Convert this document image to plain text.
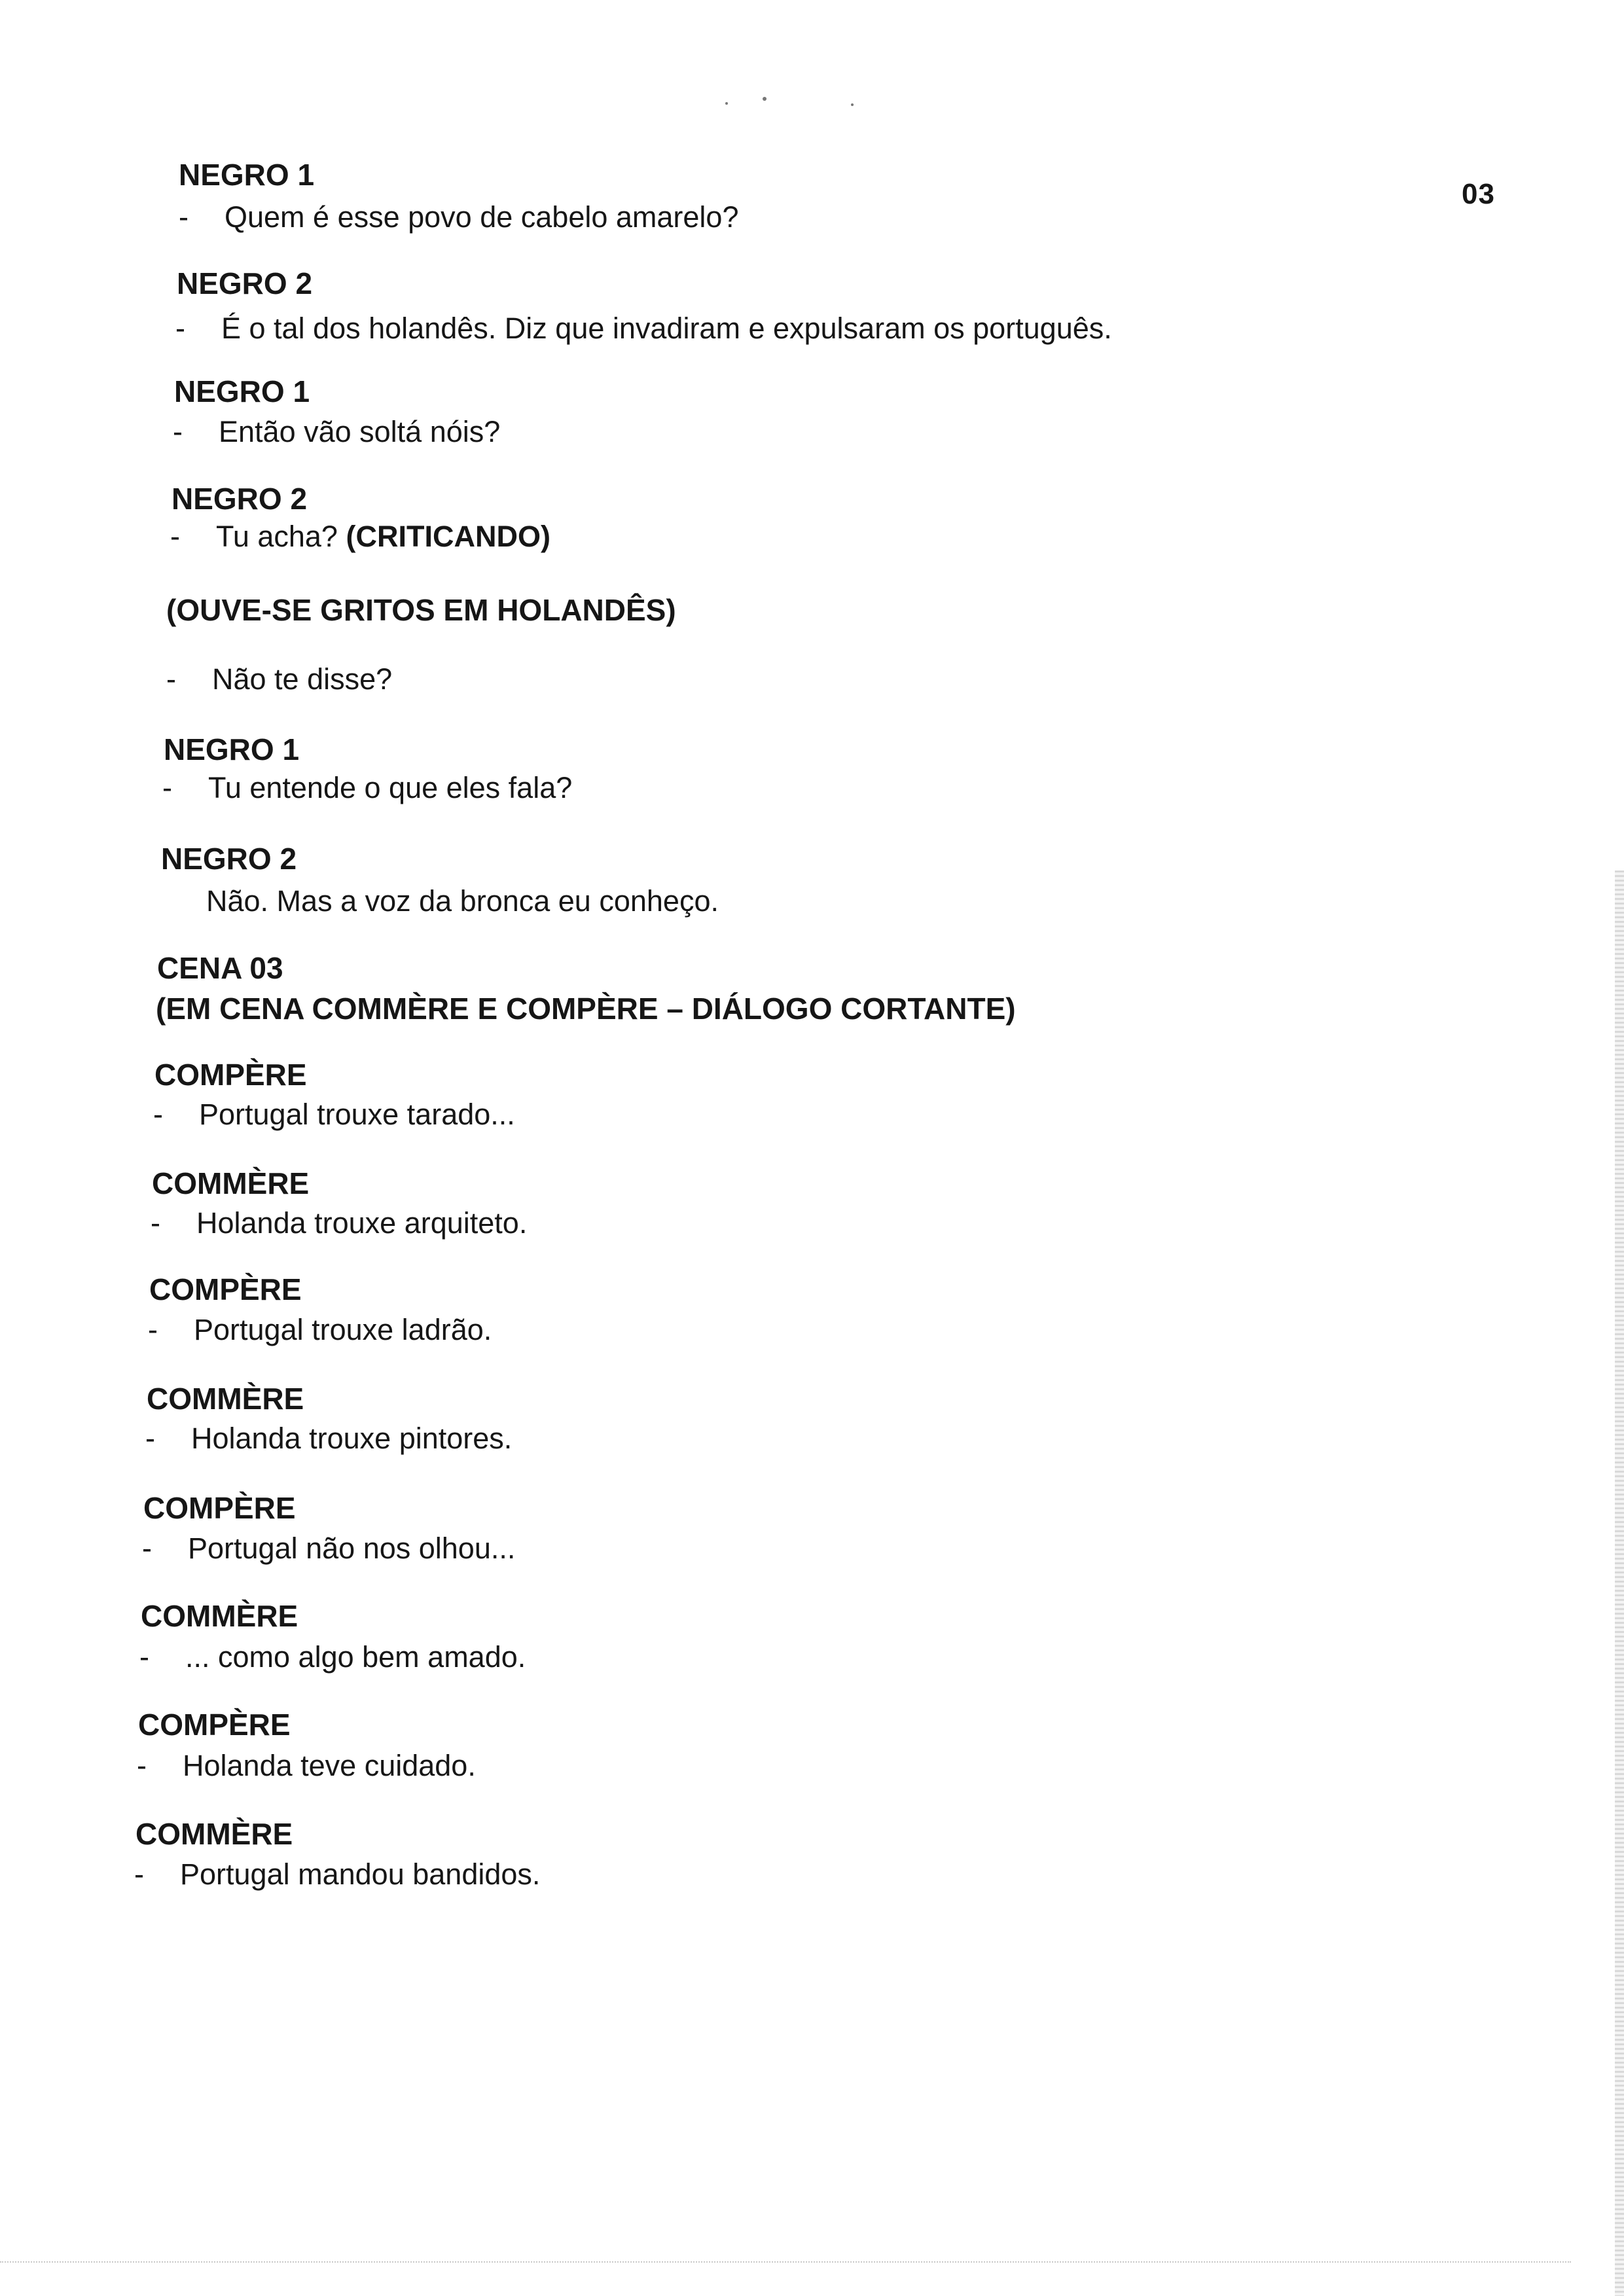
03
NEGRO 1
- Quem é esse povo de cabelo amarelo?
NEGRO 2
- É o tal dos holandês. Diz que invadiram e expulsaram os português.
NEGRO 1
- Então vão soltá nóis?
NEGRO 2
- Tu acha? (CRITICANDO)
(OUVE-SE GRITOS EM HOLANDÊS)
- Não te disse?
NEGRO 1
- Tu entende o que eles fala?
NEGRO 2
Não. Mas a voz da bronca eu conheço.
CENA 03
(EM CENA COMMÈRE E COMPÈRE – DIÁLOGO CORTANTE)
COMPÈRE
- Portugal trouxe tarado...
COMMÈRE
- Holanda trouxe arquiteto.
COMPÈRE
- Portugal trouxe ladrão.
COMMÈRE
- Holanda trouxe pintores.
COMPÈRE
- Portugal não nos olhou...
COMMÈRE
- ... como algo bem amado.
COMPÈRE
- Holanda teve cuidado.
COMMÈRE
- Portugal mandou bandidos.
